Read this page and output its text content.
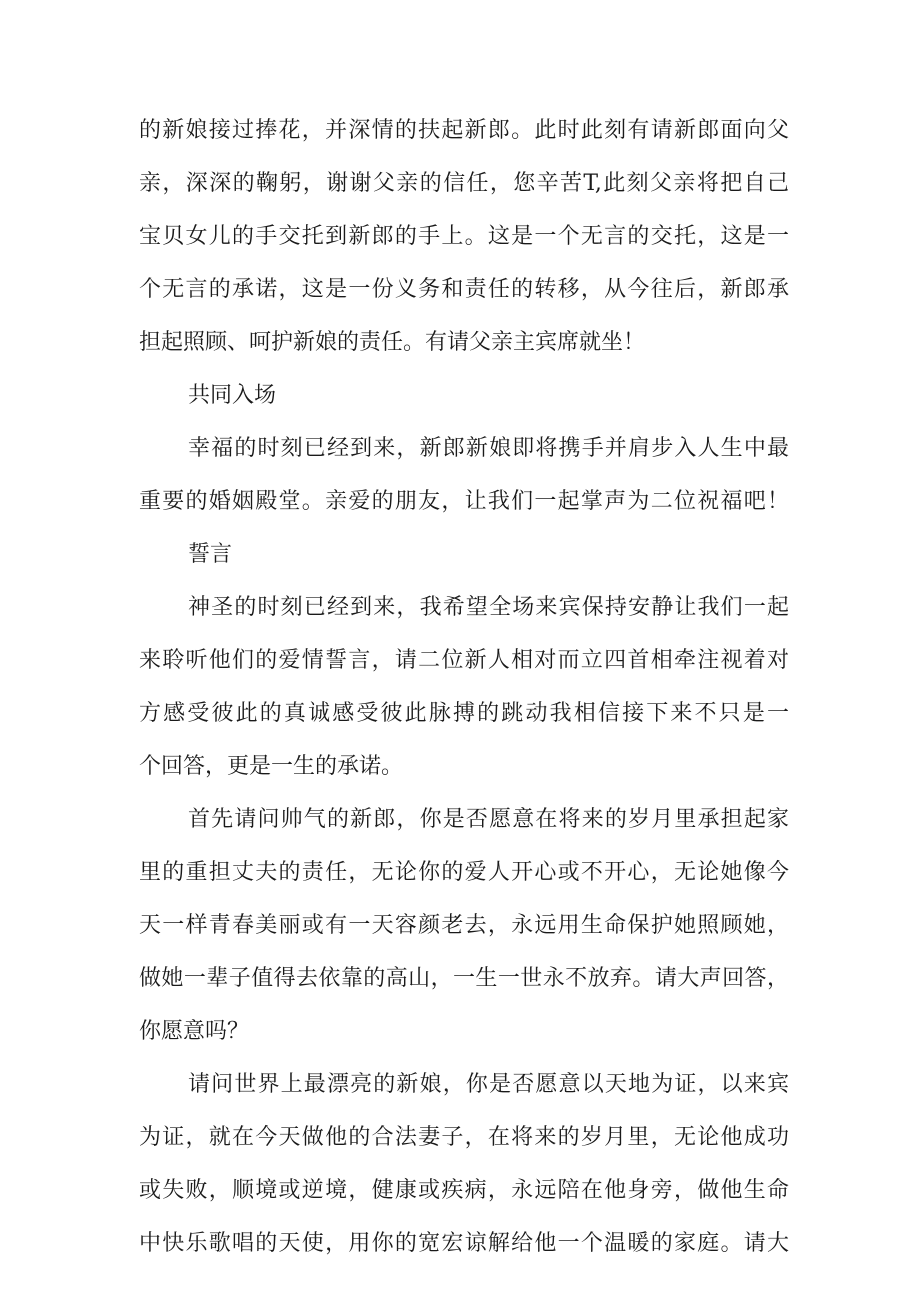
的新娘接过捧花，并深情的扶起新郎。此时此刻有请新郎面向父
亲，深深的鞠躬，谢谢父亲的信任，您辛苦T,此刻父亲将把自己
宝贝女儿的手交托到新郎的手上。这是一个无言的交托，这是一
个无言的承诺，这是一份义务和责任的转移，从今往后，新郎承
担起照顾、呵护新娘的责任。有请父亲主宾席就坐！
共同入场
幸福的时刻已经到来，新郎新娘即将携手并肩步入人生中最
重要的婚姻殿堂。亲爱的朋友，让我们一起掌声为二位祝福吧！
誓言
神圣的时刻已经到来，我希望全场来宾保持安静让我们一起
来聆听他们的爱情誓言，请二位新人相对而立四首相牵注视着对
方感受彼此的真诚感受彼此脉搏的跳动我相信接下来不只是一
个回答，更是一生的承诺。
首先请问帅气的新郎，你是否愿意在将来的岁月里承担起家
里的重担丈夫的责任，无论你的爱人开心或不开心，无论她像今
天一样青春美丽或有一天容颜老去，永远用生命保护她照顾她，
做她一辈子值得去依靠的高山，一生一世永不放弃。请大声回答，
你愿意吗？
请问世界上最漂亮的新娘，你是否愿意以天地为证，以来宾
为证，就在今天做他的合法妻子，在将来的岁月里，无论他成功
或失败，顺境或逆境，健康或疾病，永远陪在他身旁，做他生命
中快乐歌唱的天使，用你的宽宏谅解给他一个温暖的家庭。请大
